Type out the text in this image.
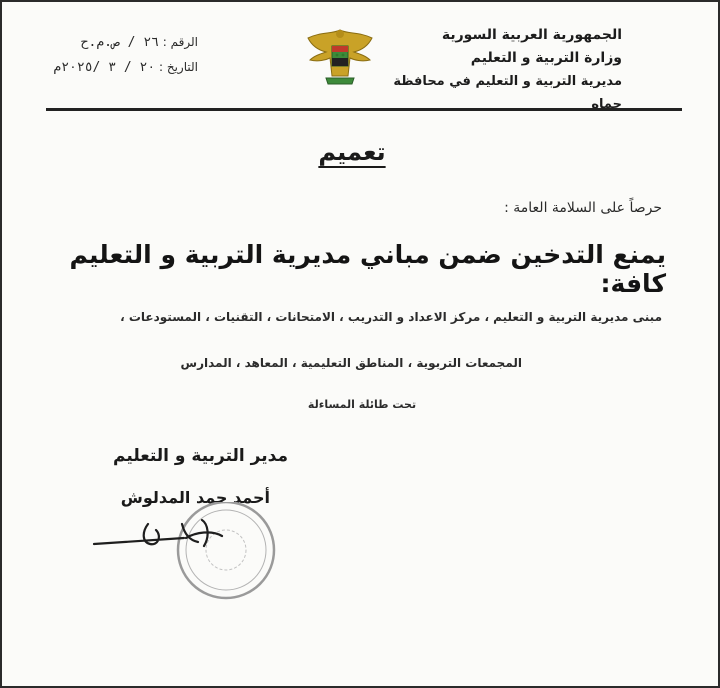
الجمهورية العربية السورية
وزارة التربية و التعليم
مديرية التربية و التعليم في محافظة حماه
الرقم : ٢٦ / ص.م.ح
التاريخ : ٢٠ / ٣ /٢٠٢٥م
تعميم
حرصاً على السلامة العامة :
يمنع التدخين ضمن مباني مديرية التربية و التعليم كافة:
مبنى مديرية التربية و التعليم ، مركز الاعداد و التدريب ، الامتحانات ، التقنيات ، المستودعات ،
المجمعات التربوية ، المناطق التعليمية ، المعاهد ، المدارس
تحت طائلة المساءلة
مدير التربية و التعليم
أحمد حمد المدلوش
